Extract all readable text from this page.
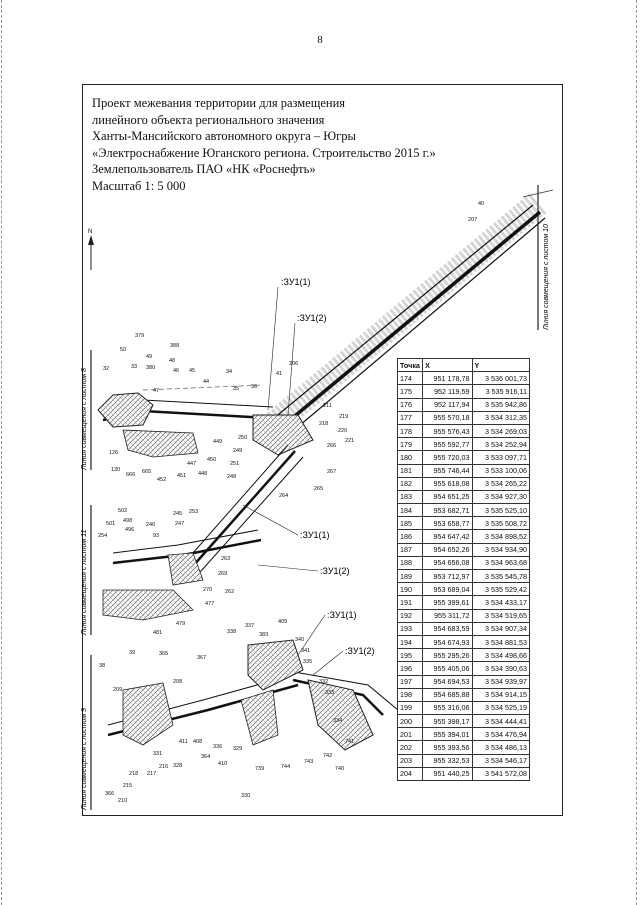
8
Проект межевания территории для размещения
линейного объекта регионального значения
Ханты-Мансийского автономного округа – Югры
«Электроснабжение Юганского региона. Строительство 2015 г.»
Землепользователь ПАО «НК «Роснефть»
Масштаб 1: 5 000
N	Линия совмещения с листом 10
Линия совмещения с листом 8
Линия совмещения с листом 11
Линия совмещения с листом 9
:ЗУ1(1)
:ЗУ1(2)
:ЗУ1(1)
:ЗУ1(2)
:ЗУ1(1)
:ЗУ1(2)
40
207
379
50
32	33
49
380
48
45
46
44
34
35 36
41
206
211
218
219
220
221
266
267
265
264
250
249
251
248
449
450
447
448
451
452
665
666
126
130
47
388
502
501 498
496
246
245
247
253
254	93
263
269
270 262
477
479
481
38
365
367
337
338	383
409
340
341
335
332
333
334
741
740
742
743
744
739
330
329
336
410
408
411
364
208
39
209
331
328
216
217
218
215
210
366
Точка	X	Y
174	951 178,78	3 536 001,73
175	952 119,59	3 535 916,11
176	952 117,94	3 535 942,86
177	955 570,18	3 534 312,35
178	955 576,43	3 534 269,03
179	955 592,77	3 534 252,94
180	955 720,03	3 533 097,71
181	955 746,44	3 533 100,06
182	955 618,08	3 534 265,22
183	954 651,25	3 534 927,30
184	953 682,71	3 535 525,10
185	953 658,77	3 535 508,72
186	954 647,42	3 534 898,52
187	954 652,26	3 534 934,90
188	954 656,08	3 534 963,68
189	953 712,97	3 535 545,78
190	953 689,04	3 535 529,42
191	955 399,61	3 534 433,17
192	955 311,72	3 534 519,65
193	954 683,59	3 534 907,34
194	954 674,93	3 534 881,53
195	955 295,26	3 534 498,66
196	955 405,06	3 534 390,63
197	954 694,53	3 534 939,97
198	954 685,88	3 534 914,15
199	955 316,06	3 534 525,19
200	955 398,17	3 534 444,41
201	955 394,01	3 534 476,94
202	955 393,56	3 534 486,13
203	955 332,53	3 534 546,17
204	951 440,25	3 541 572,08
